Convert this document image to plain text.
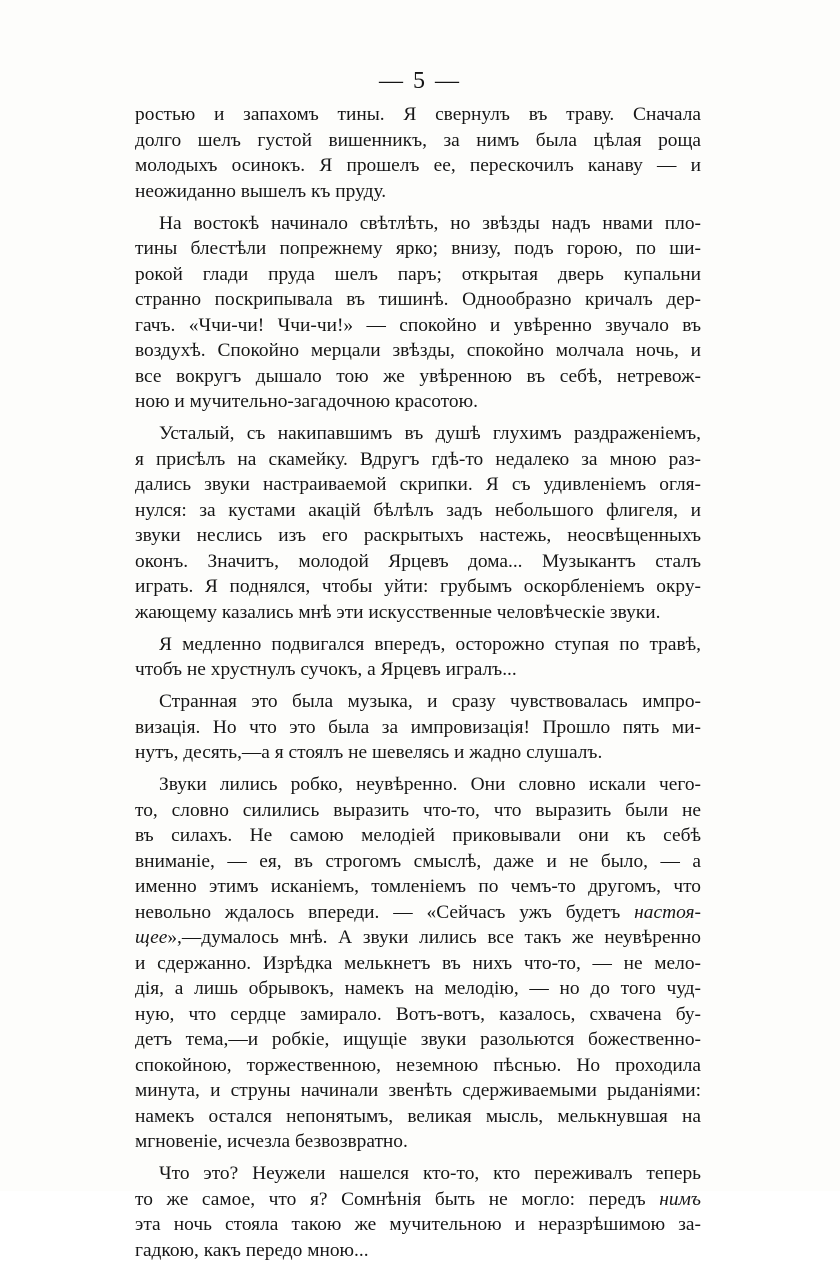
— 5 —
ростью и запахомъ тины. Я свернулъ въ траву. Сначала
долго шелъ густой вишенникъ, за нимъ была цѣлая роща
молодыхъ осинокъ. Я прошелъ ее, перескочилъ канаву — и
неожиданно вышелъ къ пруду.
На востокѣ начинало свѣтлѣть, но звѣзды надъ нвами пло-
тины блестѣли попрежнему ярко; внизу, подъ горою, по ши-
рокой глади пруда шелъ паръ; открытая дверь купальни
странно поскрипывала въ тишинѣ. Однообразно кричалъ дер-
гачъ. «Ччи-чи! Ччи-чи!» — спокойно и увѣренно звучало въ
воздухѣ. Спокойно мерцали звѣзды, спокойно молчала ночь, и
все вокругъ дышало тою же увѣренною въ себѣ, нетревож-
ною и мучительно-загадочною красотою.
Усталый, съ накипавшимъ въ душѣ глухимъ раздраженіемъ,
я присѣлъ на скамейку. Вдругъ гдѣ-то недалеко за мною раз-
дались звуки настраиваемой скрипки. Я съ удивленіемъ огля-
нулся: за кустами акацій бѣлѣлъ задъ небольшого флигеля, и
звуки неслись изъ его раскрытыхъ настежь, неосвѣщенныхъ
оконъ. Значитъ, молодой Ярцевъ дома... Музыкантъ сталъ
играть. Я поднялся, чтобы уйти: грубымъ оскорбленіемъ окру-
жающему казались мнѣ эти искусственные человѣческіе звуки.
Я медленно подвигался впередъ, осторожно ступая по травѣ,
чтобъ не хрустнулъ сучокъ, а Ярцевъ игралъ...
Странная это была музыка, и сразу чувствовалась импро-
визація. Но что это была за импровизація! Прошло пять ми-
нутъ, десять,—а я стоялъ не шевелясь и жадно слушалъ.
Звуки лились робко, неувѣренно. Они словно искали чего-
то, словно силились выразить что-то, что выразить были не
въ силахъ. Не самою мелодіей приковывали они къ себѣ
вниманіе, — ея, въ строгомъ смыслѣ, даже и не было, — а
именно этимъ исканіемъ, томленіемъ по чемъ-то другомъ, что
невольно ждалось впереди. — «Сейчасъ ужъ будетъ настоя-
щее»,—думалось мнѣ. А звуки лились все такъ же неувѣренно
и сдержанно. Изрѣдка мелькнетъ въ нихъ что-то, — не мело-
дія, а лишь обрывокъ, намекъ на мелодію, — но до того чуд-
ную, что сердце замирало. Вотъ-вотъ, казалось, схвачена бу-
детъ тема,—и робкіе, ищущіе звуки разольются божественно-
спокойною, торжественною, неземною пѣснью. Но проходила
минута, и струны начинали звенѣть сдерживаемыми рыданіями:
намекъ остался непонятымъ, великая мысль, мелькнувшая на
мгновеніе, исчезла безвозвратно.
Что это? Неужели нашелся кто-то, кто переживалъ теперь
то же самое, что я? Сомнѣнія быть не могло: передъ нимъ
эта ночь стояла такою же мучительною и неразрѣшимою за-
гадкою, какъ передо мною...
